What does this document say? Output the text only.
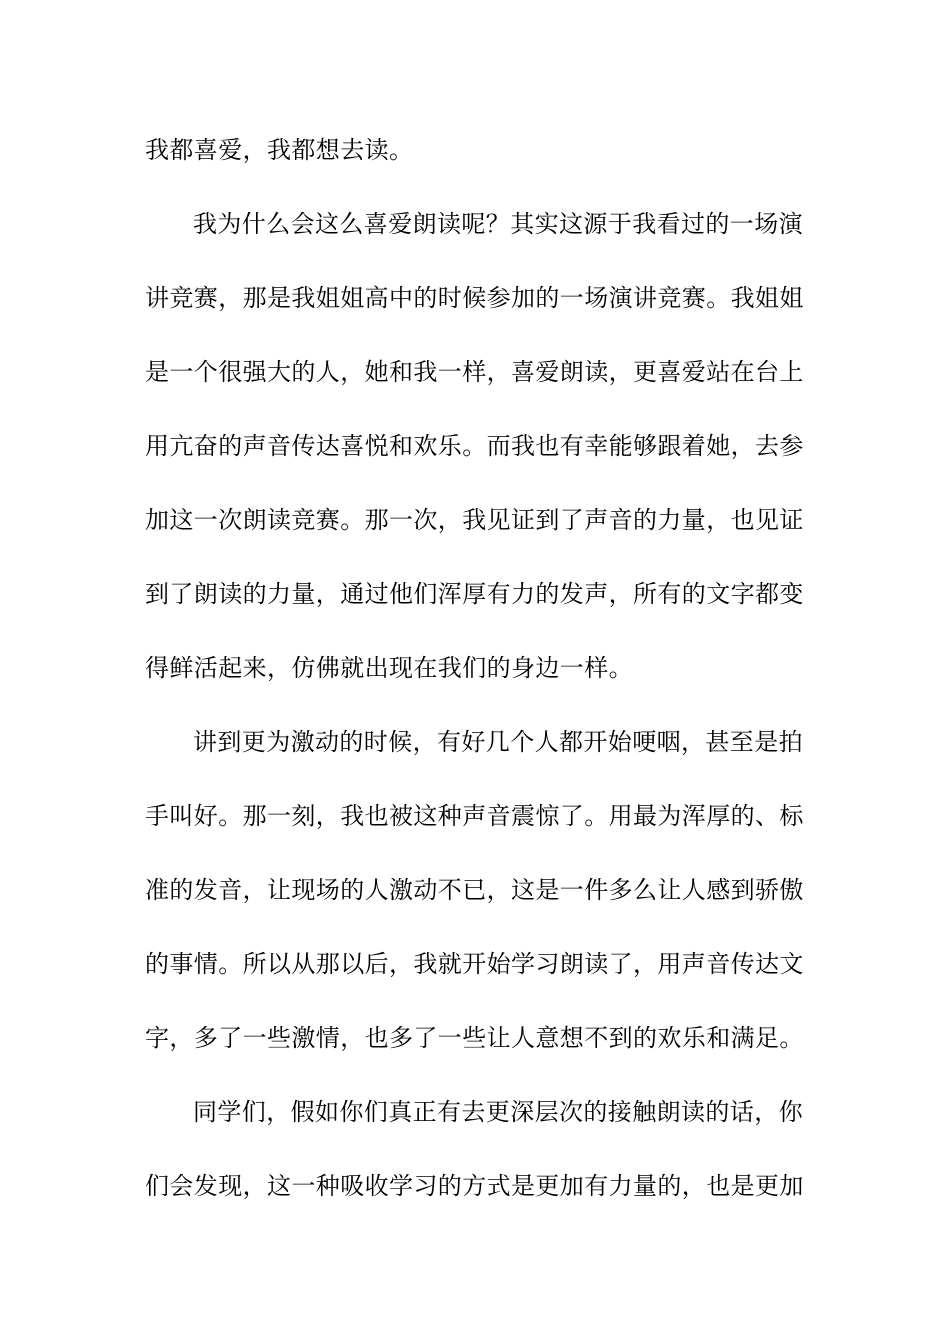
我都喜爱，我都想去读。
我为什么会这么喜爱朗读呢？其实这源于我看过的一场演
讲竞赛，那是我姐姐高中的时候参加的一场演讲竞赛。我姐姐
是一个很强大的人，她和我一样，喜爱朗读，更喜爱站在台上
用亢奋的声音传达喜悦和欢乐。而我也有幸能够跟着她，去参
加这一次朗读竞赛。那一次，我见证到了声音的力量，也见证
到了朗读的力量，通过他们浑厚有力的发声，所有的文字都变
得鲜活起来，仿佛就出现在我们的身边一样。
讲到更为激动的时候，有好几个人都开始哽咽，甚至是拍
手叫好。那一刻，我也被这种声音震惊了。用最为浑厚的、标
准的发音，让现场的人激动不已，这是一件多么让人感到骄傲
的事情。所以从那以后，我就开始学习朗读了，用声音传达文
字，多了一些激情，也多了一些让人意想不到的欢乐和满足。
同学们，假如你们真正有去更深层次的接触朗读的话，你
们会发现，这一种吸收学习的方式是更加有力量的，也是更加
